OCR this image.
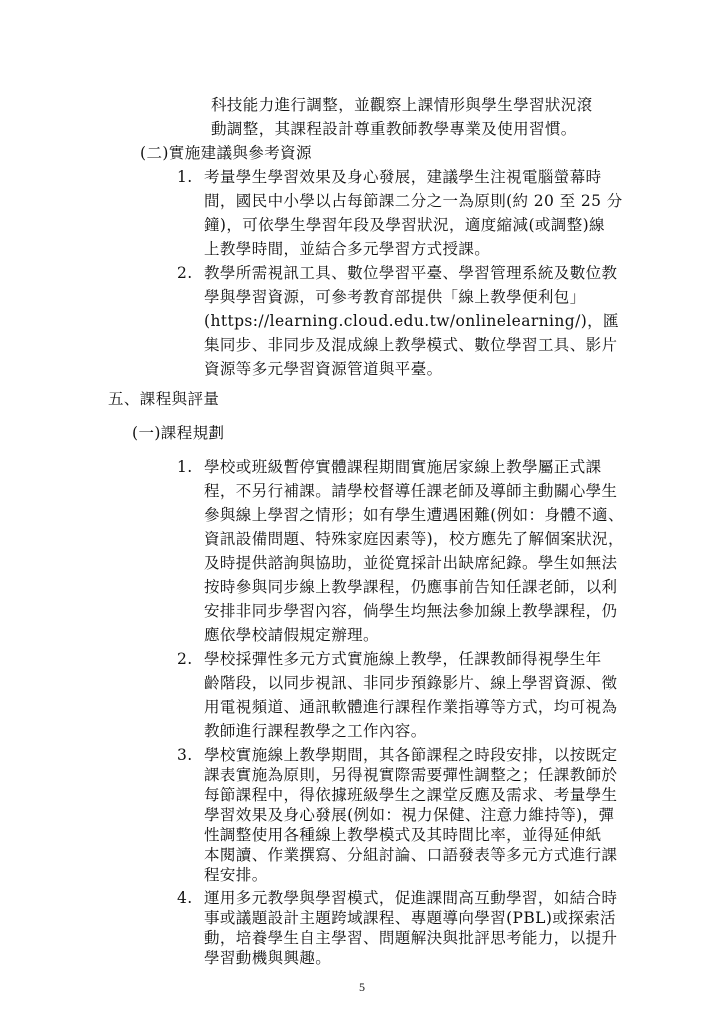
科技能力進行調整，並觀察上課情形與學生學習狀況滾
動調整，其課程設計尊重教師教學專業及使用習慣。
(二)實施建議與參考資源
1. 考量學生學習效果及身心發展，建議學生注視電腦螢幕時
間，國民中小學以占每節課二分之一為原則(約 20 至 25 分
鐘)，可依學生學習年段及學習狀況，適度縮減(或調整)線
上教學時間，並結合多元學習方式授課。
2. 教學所需視訊工具、數位學習平臺、學習管理系統及數位教
學與學習資源，可參考教育部提供「線上教學便利包」
(https://learning.cloud.edu.tw/onlinelearning/)，匯
集同步、非同步及混成線上教學模式、數位學習工具、影片
資源等多元學習資源管道與平臺。
五、課程與評量
(一)課程規劃
1. 學校或班級暫停實體課程期間實施居家線上教學屬正式課
程，不另行補課。請學校督導任課老師及導師主動關心學生
參與線上學習之情形；如有學生遭遇困難(例如：身體不適、
資訊設備問題、特殊家庭因素等)，校方應先了解個案狀況，
及時提供諮詢與協助，並從寬採計出缺席紀錄。學生如無法
按時參與同步線上教學課程，仍應事前告知任課老師，以利
安排非同步學習內容，倘學生均無法參加線上教學課程，仍
應依學校請假規定辦理。
2. 學校採彈性多元方式實施線上教學，任課教師得視學生年
齡階段，以同步視訊、非同步預錄影片、線上學習資源、徵
用電視頻道、通訊軟體進行課程作業指導等方式，均可視為
教師進行課程教學之工作內容。
3. 學校實施線上教學期間，其各節課程之時段安排，以按既定
課表實施為原則，另得視實際需要彈性調整之；任課教師於
每節課程中，得依據班級學生之課堂反應及需求、考量學生
學習效果及身心發展(例如：視力保健、注意力維持等)，彈
性調整使用各種線上教學模式及其時間比率，並得延伸紙
本閱讀、作業撰寫、分組討論、口語發表等多元方式進行課
程安排。
5
4. 運用多元教學與學習模式，促進課間高互動學習，如結合時
事或議題設計主題跨域課程、專題導向學習(PBL)或探索活
動，培養學生自主學習、問題解決與批評思考能力，以提升
學習動機與興趣。
